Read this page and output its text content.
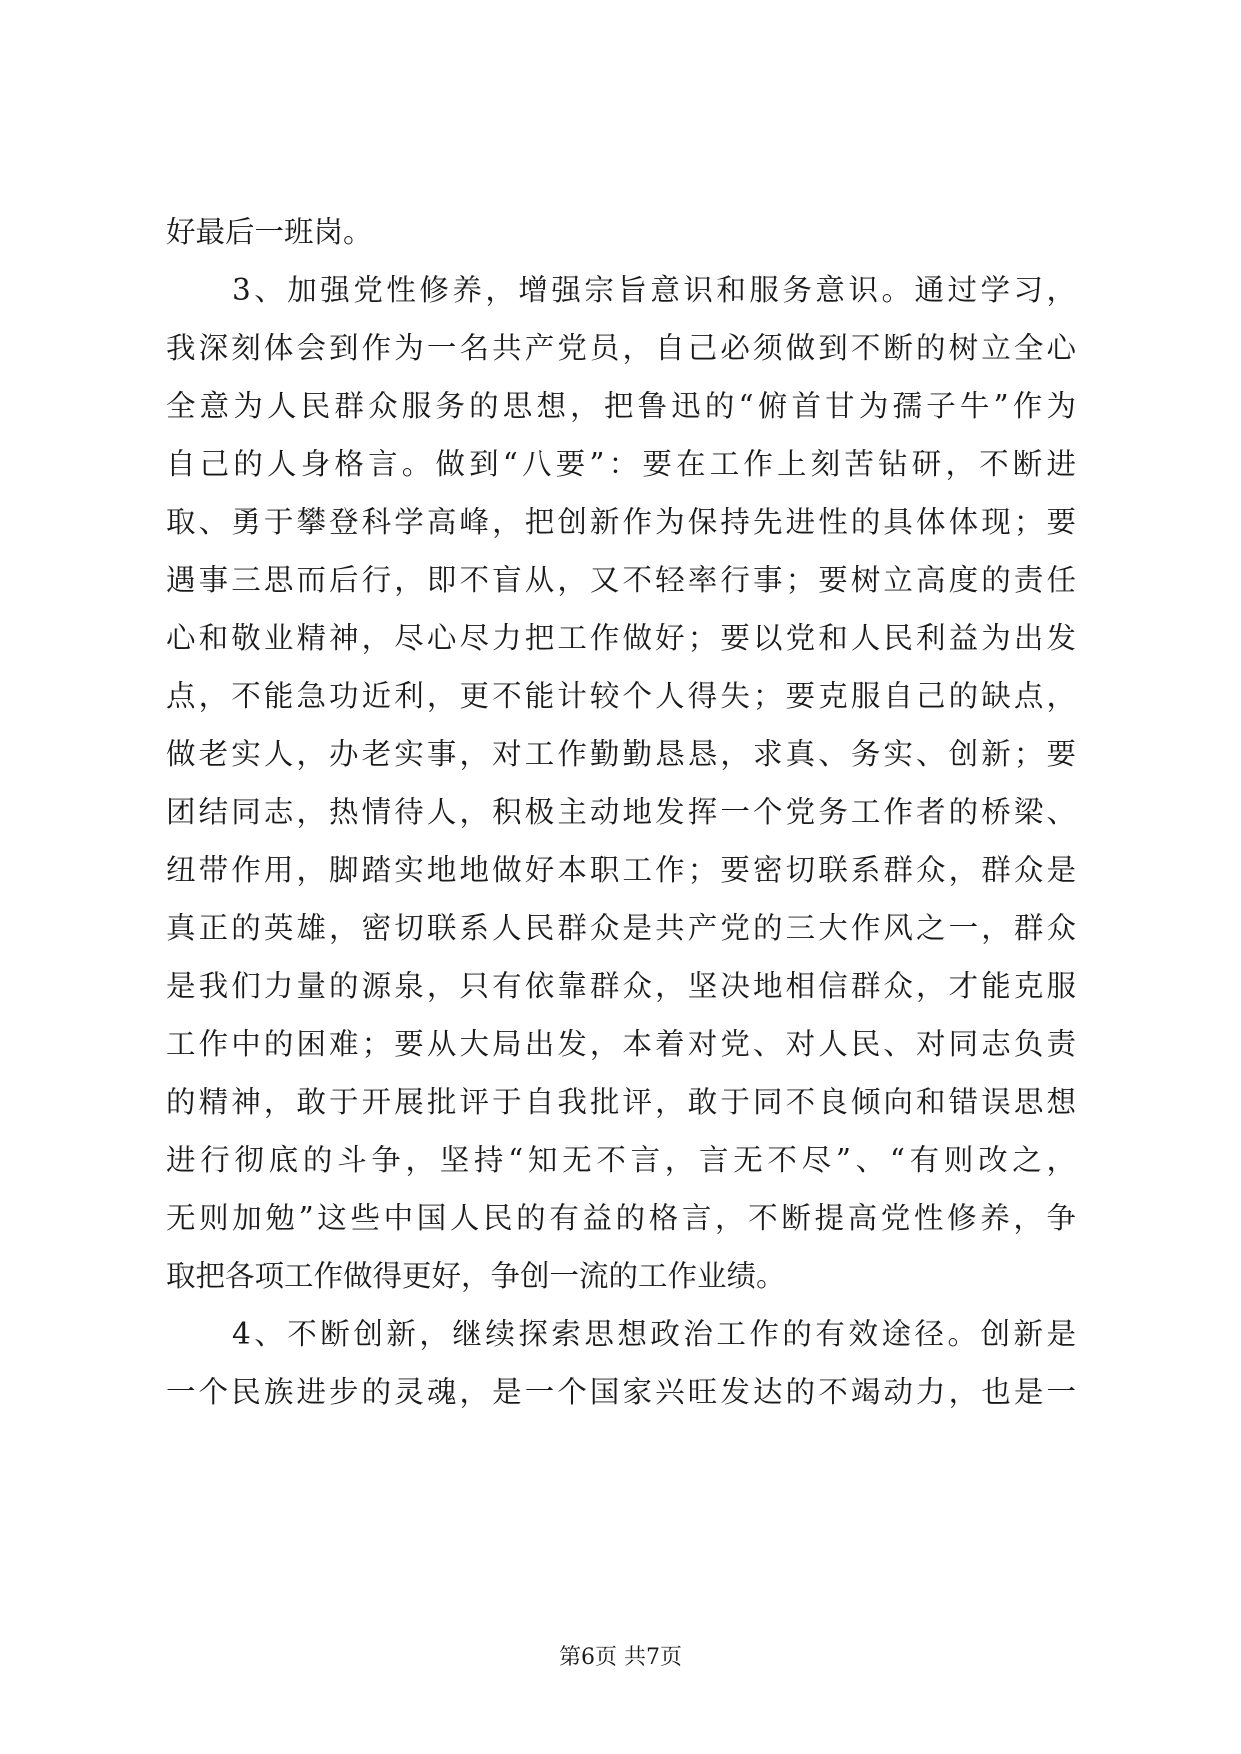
好最后一班岗。
　　3、加强党性修养，增强宗旨意识和服务意识。通过学习，
我深刻体会到作为一名共产党员，自己必须做到不断的树立全心
全意为人民群众服务的思想，把鲁迅的“俯首甘为孺子牛”作为
自己的人身格言。做到“八要”：要在工作上刻苦钻研，不断进
取、勇于攀登科学高峰，把创新作为保持先进性的具体体现；要
遇事三思而后行，即不盲从，又不轻率行事；要树立高度的责任
心和敬业精神，尽心尽力把工作做好；要以党和人民利益为出发
点，不能急功近利，更不能计较个人得失；要克服自己的缺点，
做老实人，办老实事，对工作勤勤恳恳，求真、务实、创新；要
团结同志，热情待人，积极主动地发挥一个党务工作者的桥梁、
纽带作用，脚踏实地地做好本职工作；要密切联系群众，群众是
真正的英雄，密切联系人民群众是共产党的三大作风之一，群众
是我们力量的源泉，只有依靠群众，坚决地相信群众，才能克服
工作中的困难；要从大局出发，本着对党、对人民、对同志负责
的精神，敢于开展批评于自我批评，敢于同不良倾向和错误思想
进行彻底的斗争，坚持“知无不言，言无不尽”、“有则改之，
无则加勉”这些中国人民的有益的格言，不断提高党性修养，争
取把各项工作做得更好，争创一流的工作业绩。
　　4、不断创新，继续探索思想政治工作的有效途径。创新是
一个民族进步的灵魂，是一个国家兴旺发达的不竭动力，也是一
第6页 共7页
